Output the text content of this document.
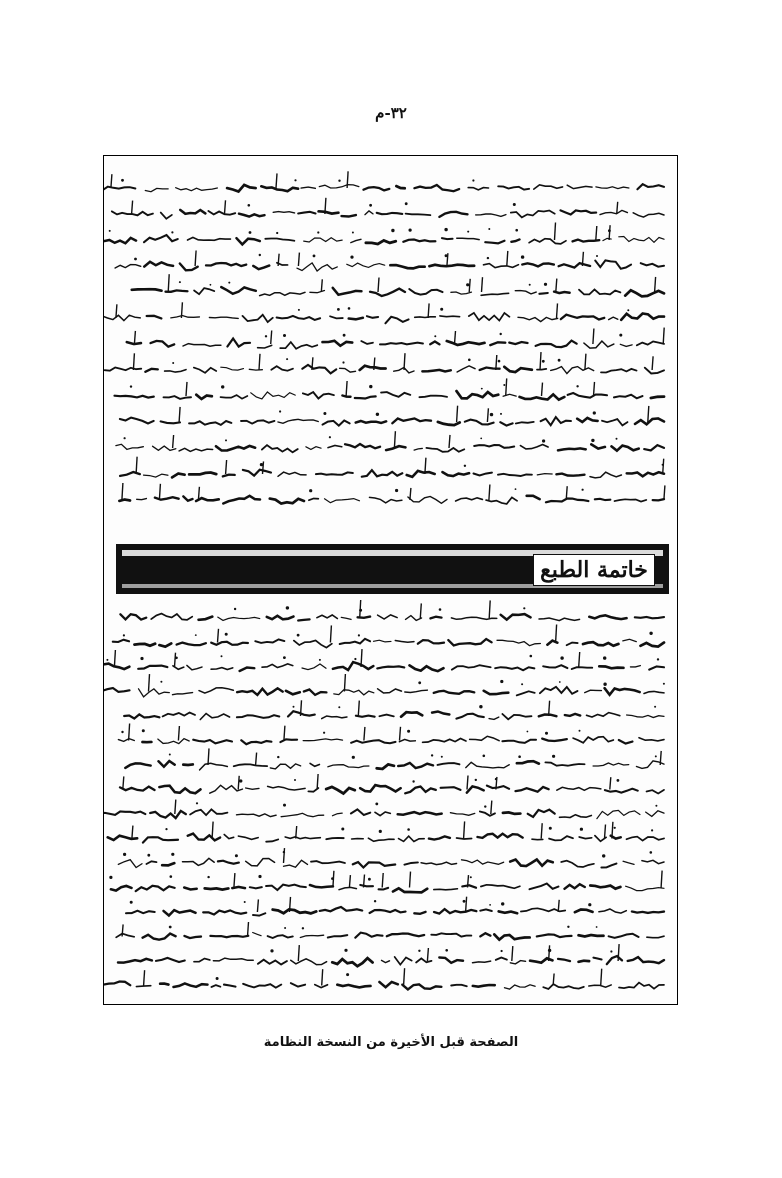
٣٢-م
خاتمة الطبع
الصفحة قبل الأخيرة من النسخة النظامة
